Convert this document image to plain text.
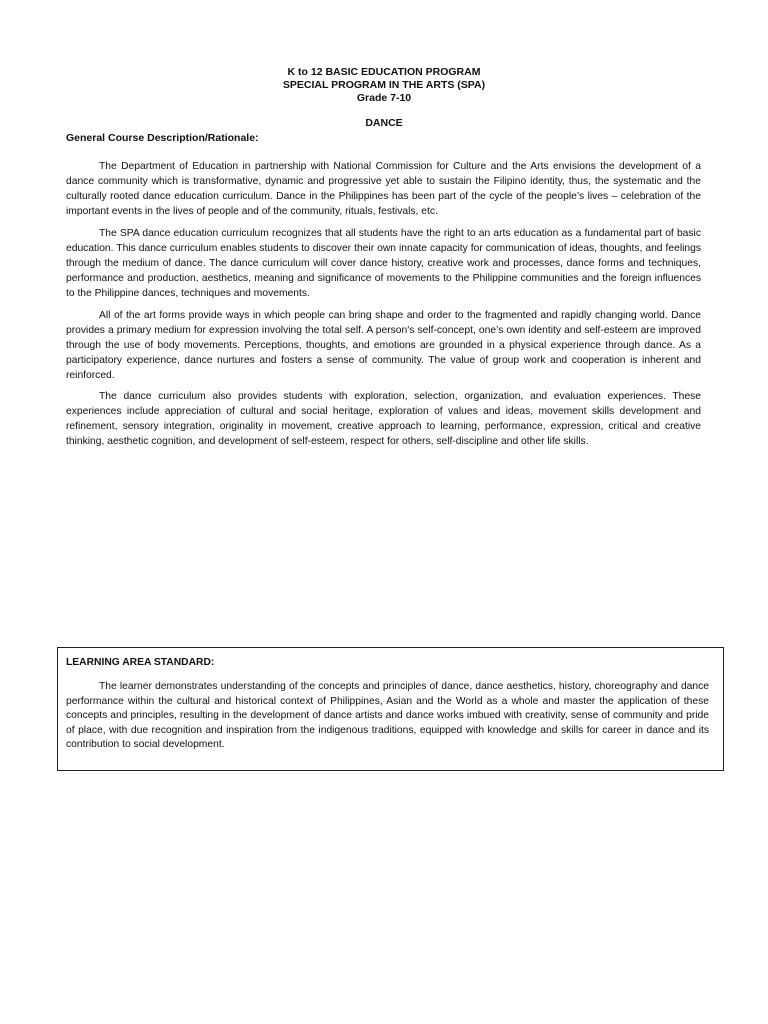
K to 12 BASIC EDUCATION PROGRAM
SPECIAL PROGRAM IN THE ARTS (SPA)
Grade 7-10
DANCE
General Course Description/Rationale:

The Department of Education in partnership with National Commission for Culture and the Arts envisions the development of a dance community which is transformative, dynamic and progressive yet able to sustain the Filipino identity, thus, the systematic and the culturally rooted dance education curriculum. Dance in the Philippines has been part of the cycle of the people’s lives – celebration of the important events in the lives of people and of the community, rituals, festivals, etc.

The SPA dance education curriculum recognizes that all students have the right to an arts education as a fundamental part of basic education. This dance curriculum enables students to discover their own innate capacity for communication of ideas, thoughts, and feelings through the medium of dance. The dance curriculum will cover dance history, creative work and processes, dance forms and techniques, performance and production, aesthetics, meaning and significance of movements to the Philippine communities and the foreign influences to the Philippine dances, techniques and movements.

All of the art forms provide ways in which people can bring shape and order to the fragmented and rapidly changing world. Dance provides a primary medium for expression involving the total self. A person's self-concept, one’s own identity and self-esteem are improved through the use of body movements. Perceptions, thoughts, and emotions are grounded in a physical experience through dance. As a participatory experience, dance nurtures and fosters a sense of community. The value of group work and cooperation is inherent and reinforced.

The dance curriculum also provides students with exploration, selection, organization, and evaluation experiences. These experiences include appreciation of cultural and social heritage, exploration of values and ideas, movement skills development and refinement, sensory integration, originality in movement, creative approach to learning, performance, expression, critical and creative thinking, aesthetic cognition, and development of self-esteem, respect for others, self-discipline and other life skills.

LEARNING AREA STANDARD:

The learner demonstrates understanding of the concepts and principles of dance, dance aesthetics, history, choreography and dance performance within the cultural and historical context of Philippines, Asian and the World as a whole and master the application of these concepts and principles, resulting in the development of dance artists and dance works imbued with creativity, sense of community and pride of place, with due recognition and inspiration from the indigenous traditions, equipped with knowledge and skills for career in dance and its contribution to social development.
